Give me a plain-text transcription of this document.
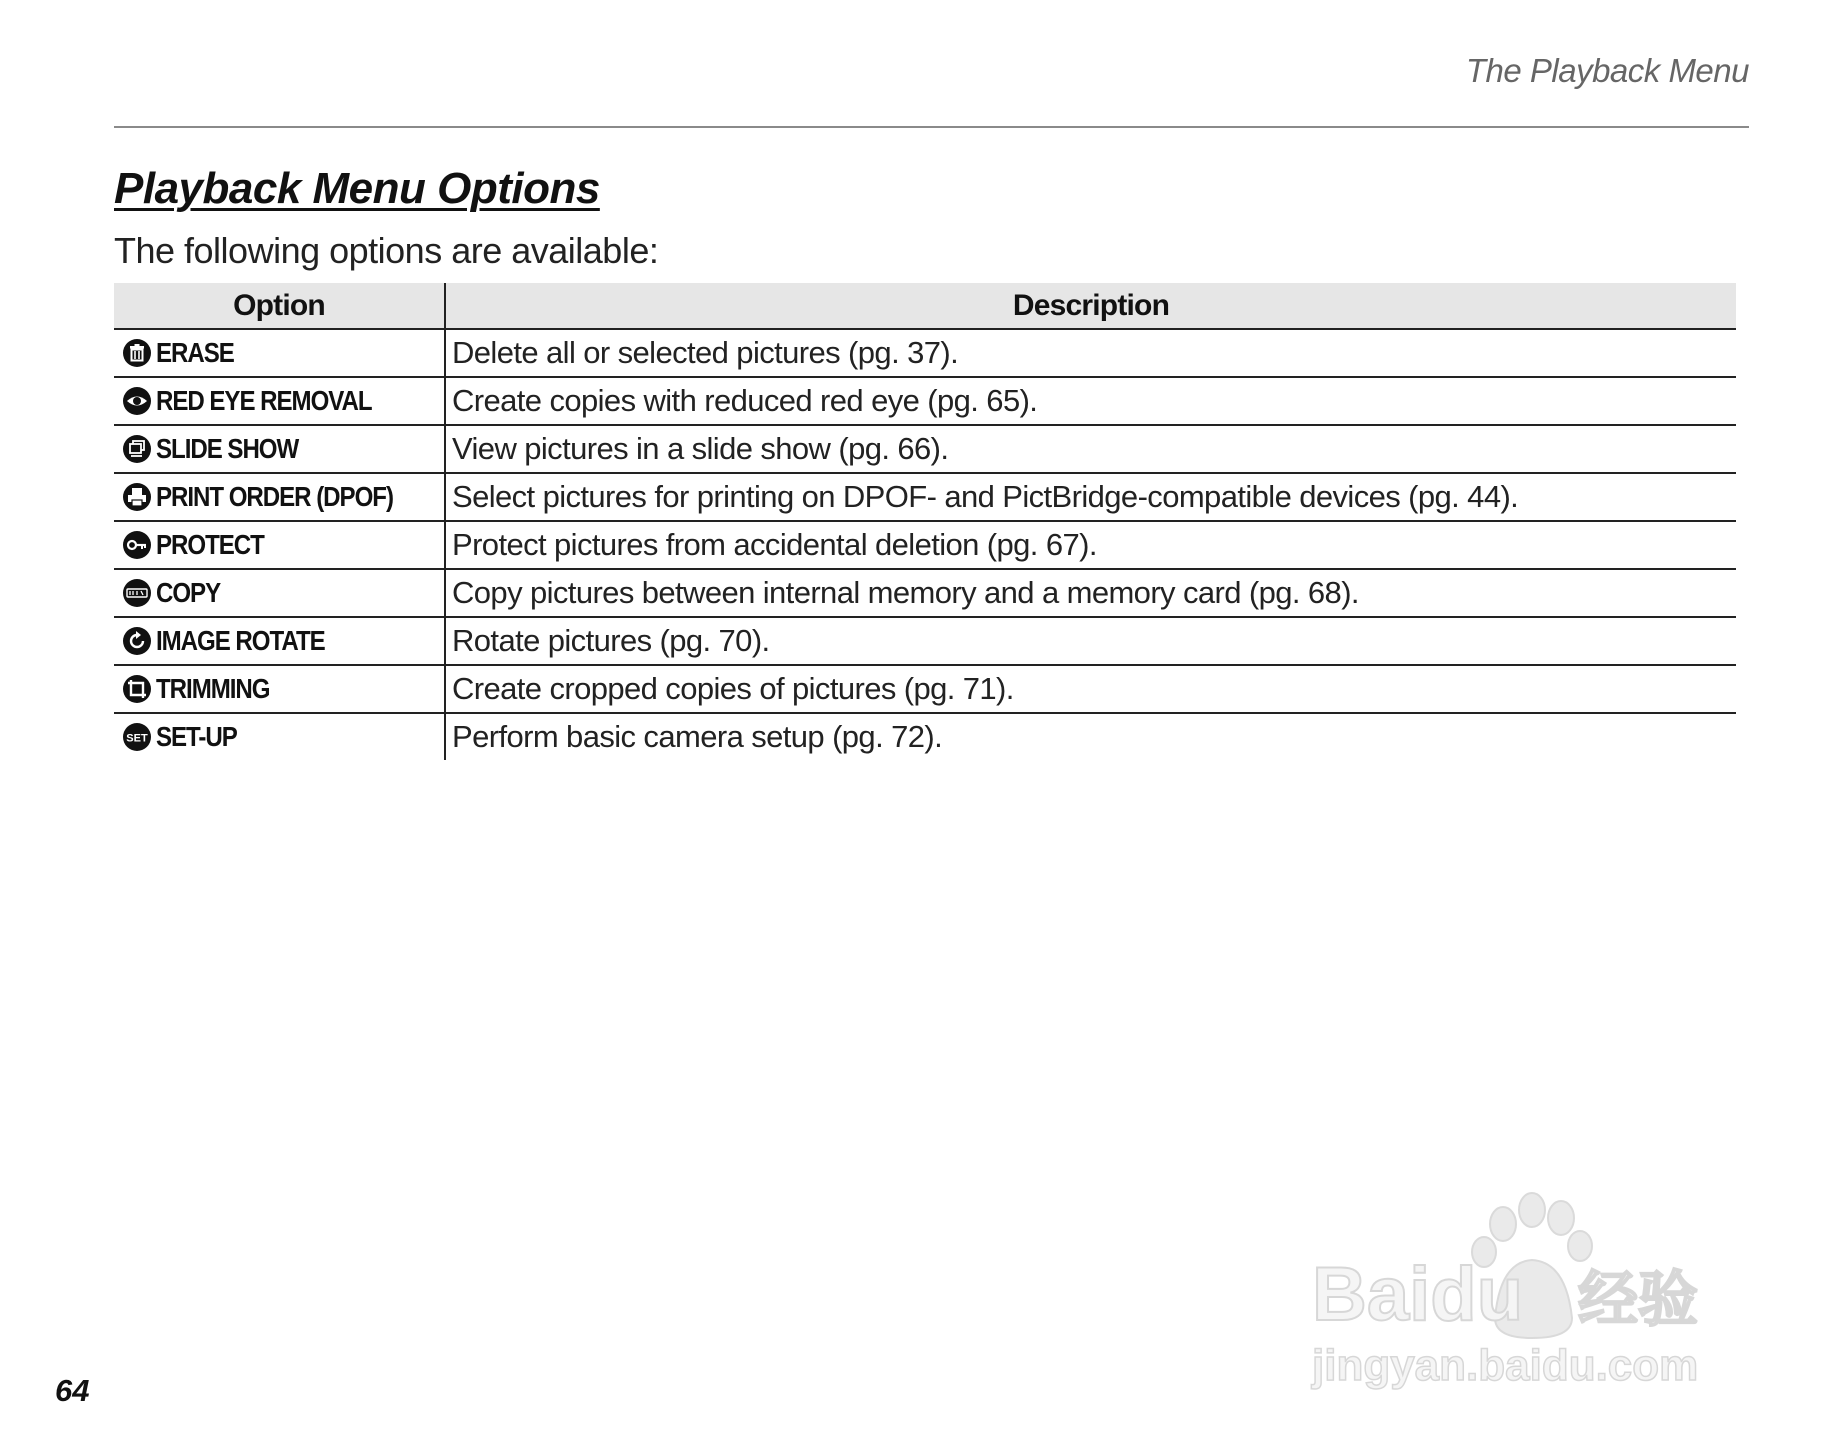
The Playback Menu
Playback Menu Options
The following options are available:
Option	Description

ERASE	Delete all or selected pictures (pg. 37).

RED EYE REMOVAL	Create copies with reduced red eye (pg. 65).

SLIDE SHOW	View pictures in a slide show (pg. 66).

PRINT ORDER (DPOF)	Select pictures for printing on DPOF- and PictBridge-compatible devices (pg. 44).

PROTECT	Protect pictures from accidental deletion (pg. 67).

COPY	Copy pictures between internal memory and a memory card (pg. 68).

IMAGE ROTATE	Rotate pictures (pg. 70).

TRIMMING	Create cropped copies of pictures (pg. 71).

SET SET-UP	Perform basic camera setup (pg. 72).
64
Baidu 经验
jingyan.baidu.com
